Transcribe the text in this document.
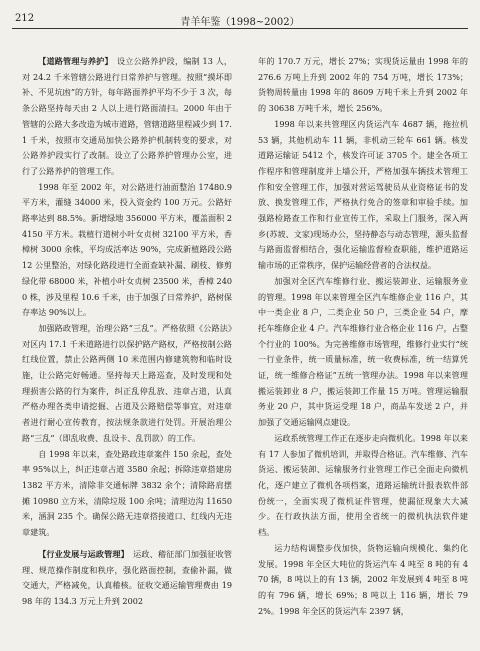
212	青羊年鉴（1998~2002）

【道路管理与养护】  设立公路养护段，编制 13 人，对 24.2 千米管辖公路进行日常养护与管理。按照“摸坏即补、不见坑凼”的方针，每年路面养护平均不少于 3 次，每条公路坚持每天由 2 人以上进行路面清扫。2000 年由于管辖的公路大多改造为城市道路，管辖道路里程减少到 17.1 千米，按照市交通局加快公路养护机制转变的要求，对公路养护段实行了改制。设立了公路养护管理办公室，进行了公路养护的管理工作。

1998 年至 2002 年，对公路进行油面整治 17480.9 平方米，灌缝 34000 米，投入资金约 100 万元。公路好路率达到 88.5%。新增绿地 356000 平方米，覆盖面积 24150 平方米。栽植行道树小叶女贞树 32100 平方米，香樟树 3000 余株，平均成活率达 90%，完成新植路段公路 12 公里整治，对绿化路段进行全面查缺补漏、刷枝、修剪绿化带 68000 米，补植小叶女贞树 23500 米，香樟 2400 株，涉及里程 10.6 千米，由于加强了日常养护，路树保存率达 90%以上。

加强路政管理，治理公路“三乱”。严格依照《公路法》对区内 17.1 千米道路进行以保护路产路权，严格按制公路红线位置，禁止公路两侧 10 米范围内修建筑物和临时设施，让公路完好畅通。坚持每天上路巡查，及时发现和处理损害公路的行为案件，纠正乱停乱放、违章占道，认真严格办理各类申请挖掘、占道及公路赔偿等事宜，对违章者进行耐心宣传教育，按法规条款进行处罚。开展治理公路“三乱”（即乱收费、乱设卡、乱罚款）的工作。

自 1998 年以来，查处路政违章案件 150 余起，查处率 95%以上，纠正违章占道 3580 余起；拆除违章搭建房 1382 平方米，清除非交通标牌 3832 余个；清除路肩摆摊 10980 立方米，清除垃圾 100 余吨；清理边沟 11650 米，涵洞 235 个。确保公路无违章搭接道口、红线内无违章建筑。

【行业发展与运政管理】  运政、稽征部门加强征收管理、规范操作制度和秩序，强化路面控制，查偷补漏，做交通大，严格减免，认真稽核。征收交通运输管理费由 1998 年的 134.3 万元上升到 2002

年的 170.7 万元，增长 27%；实现货运量由 1998 年的 276.6 万吨上升到 2002 年的 754 万吨，增长 173%；货物周转量由 1998 年的 8609 万吨千米上升到 2002 年的 30638 万吨千米，增长 256%。

1998 年以来共管理区内货运汽车 4687 辆，拖拉机 53 辆，其他机动车 11 辆，非机动三轮车 661 辆。核发道路运输证 5412 个，核发许可证 3705 个。建全各项工作程序和管理制度并上墙公开，严格加强车辆技术管理工作和安全管理工作，加强对营运驾驶员从业资格证书的发放、换发管理工作，严格执行免合的签章和审验手续。加强路检路查工作和行业宣传工作，采取上门服务，深入两乡(苏坡、文家)现场办公，坚持静态与动态管理，源头监督与路面监督相结合，强化运输监督检查职能，维护道路运输市场的正常秩序，保护运输经营者的合法权益。

加强对全区汽车维修行业、搬运装卸业、运输服务业的管理。1998 年以来管理全区汽车维修企业 116 户，其中一类企业 8 户，二类企业 50 户，三类企业 54 户，摩托车维修企业 4 户。汽车维修行业合格企业 116 户，占整个行业的 100%。为完善维修市场管理，维修行业实行“统一行业条件，统一质量标准，统一收费标准，统一结算凭证，统一维修合格证”五统一管理办法。1998 年以来管理搬运装卸业 8 户，搬运装卸工作量 15 万吨。管理运输服务业 20 户，其中货运受理 18 户，商品车发送 2 户，并加强了交通运输网点建设。

运政系统管理工作正在逐步走向微机化。1998 年以来有 17 人参加了微机培训，并取得合格证。汽车维修、汽车货运、搬运装卸、运输服务行业管理工作已全面走向微机化，逐户建立了微机各项档案，道路运输统计报表软件部份统一，全面实现了微机证件管理，使漏征现象大大减少。在行政执法方面，使用全省统一的微机执法软件建档。

运力结构调整步伐加快，货物运输向规模化、集约化发展。1998 年全区大吨位的货运汽车 4 吨至 8 吨的有 470 辆，8 吨以上的有 13 辆，2002 年发展到 4 吨至 8 吨的有 796 辆，增长 69%；8 吨以上 116 辆，增长 792%。1998 年全区的货运汽车 2397 辆，
